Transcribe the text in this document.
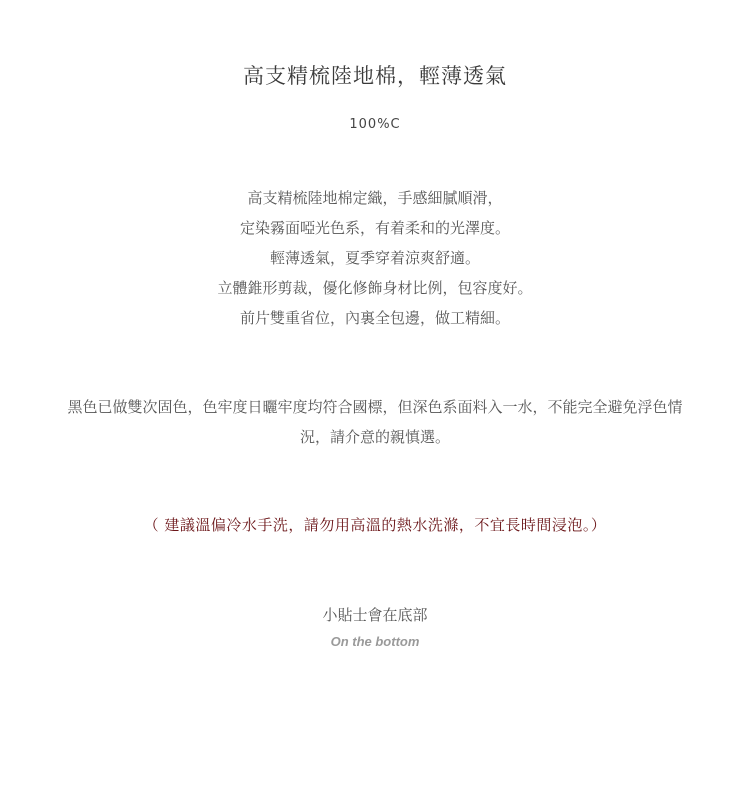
高支精梳陸地棉，輕薄透氣
100%C
高支精梳陸地棉定織，手感細膩順滑，
定染霧面啞光色系，有着柔和的光澤度。
輕薄透氣，夏季穿着涼爽舒適。
立體錐形剪裁，優化修飾身材比例，包容度好。
前片雙重省位，內裏全包邊，做工精細。
黑色已做雙次固色，色牢度日曬牢度均符合國標，但深色系面料入一水，不能完全避免浮色情況，請介意的親慎選。
（ 建議溫偏冷水手洗，請勿用高溫的熱水洗滌，不宜長時間浸泡。）
小貼士會在底部
On the bottom
